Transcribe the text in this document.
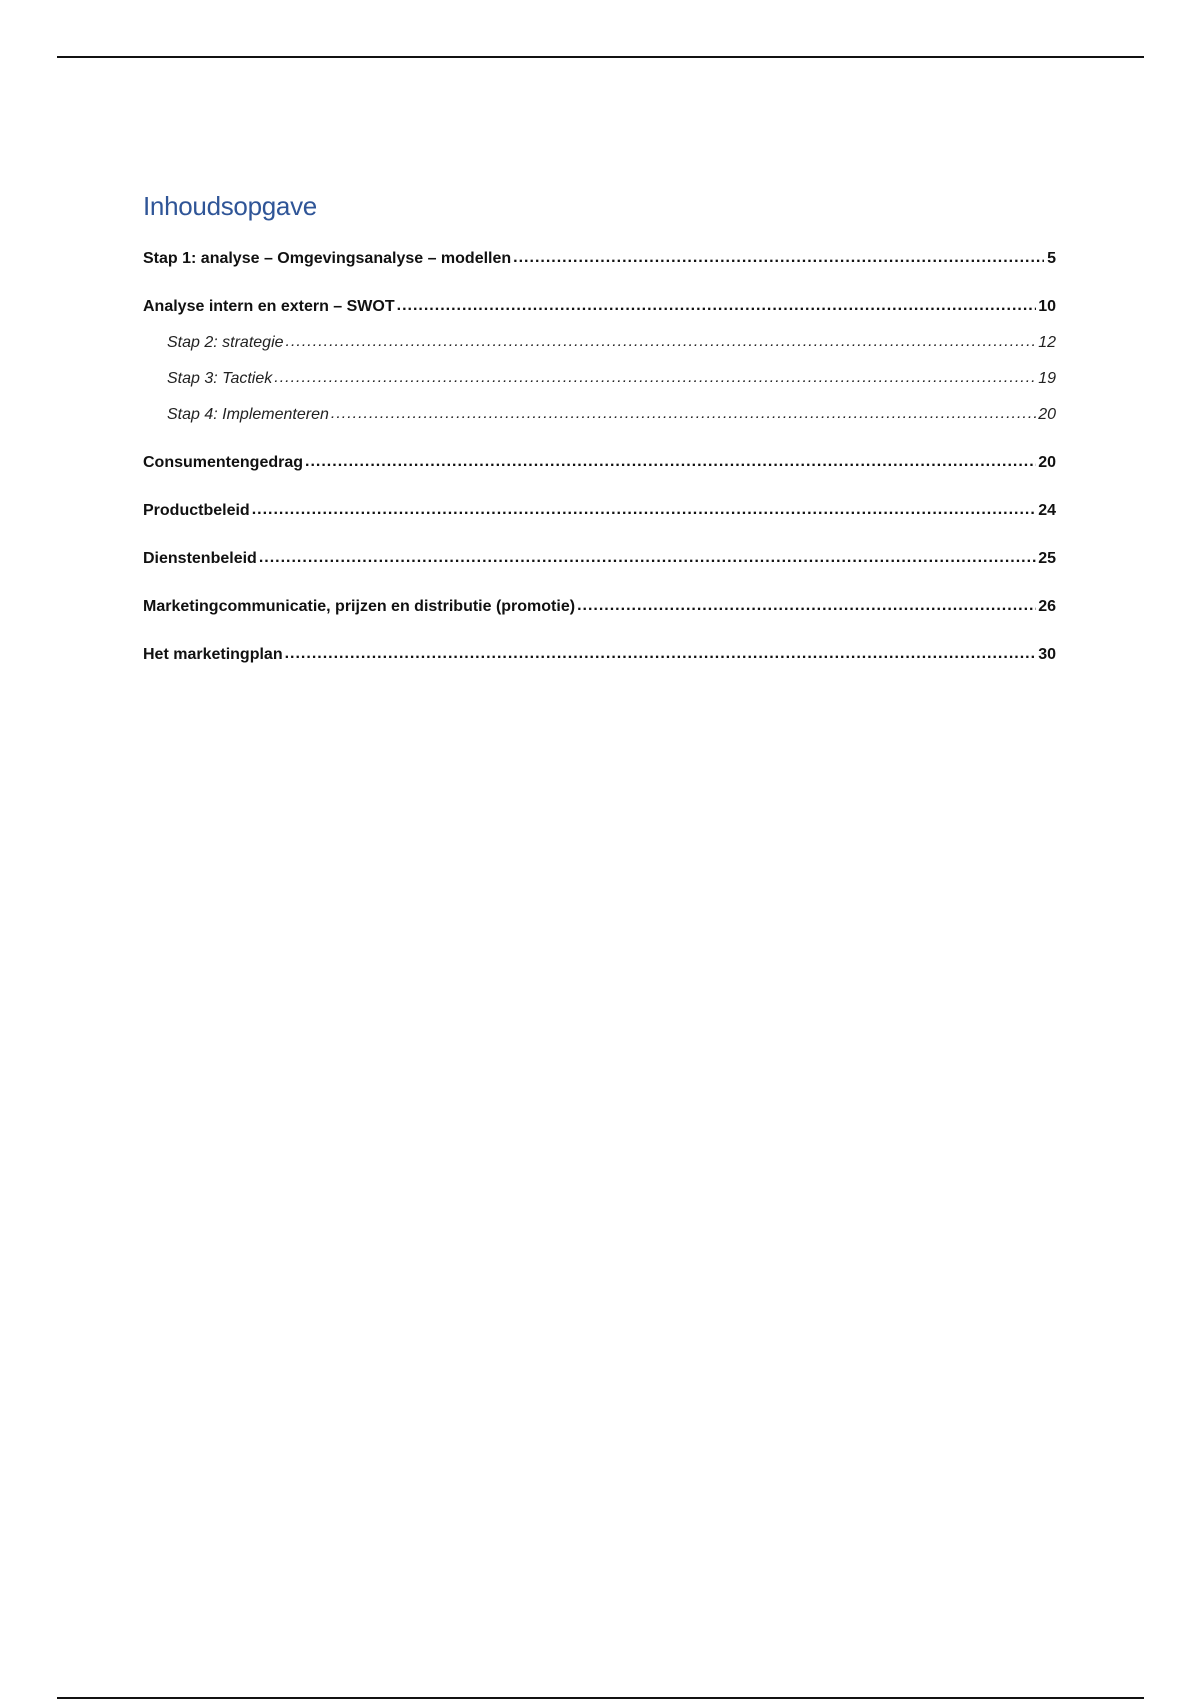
Inhoudsopgave
Stap 1: analyse – Omgevingsanalyse – modellen .....	5
Analyse intern en extern – SWOT .....	10
Stap 2: strategie .....	12
Stap 3: Tactiek .....	19
Stap 4: Implementeren .....	20
Consumentengedrag .....	20
Productbeleid .....	24
Dienstenbeleid .....	25
Marketingcommunicatie, prijzen en distributie (promotie) .....	26
Het marketingplan .....	30
